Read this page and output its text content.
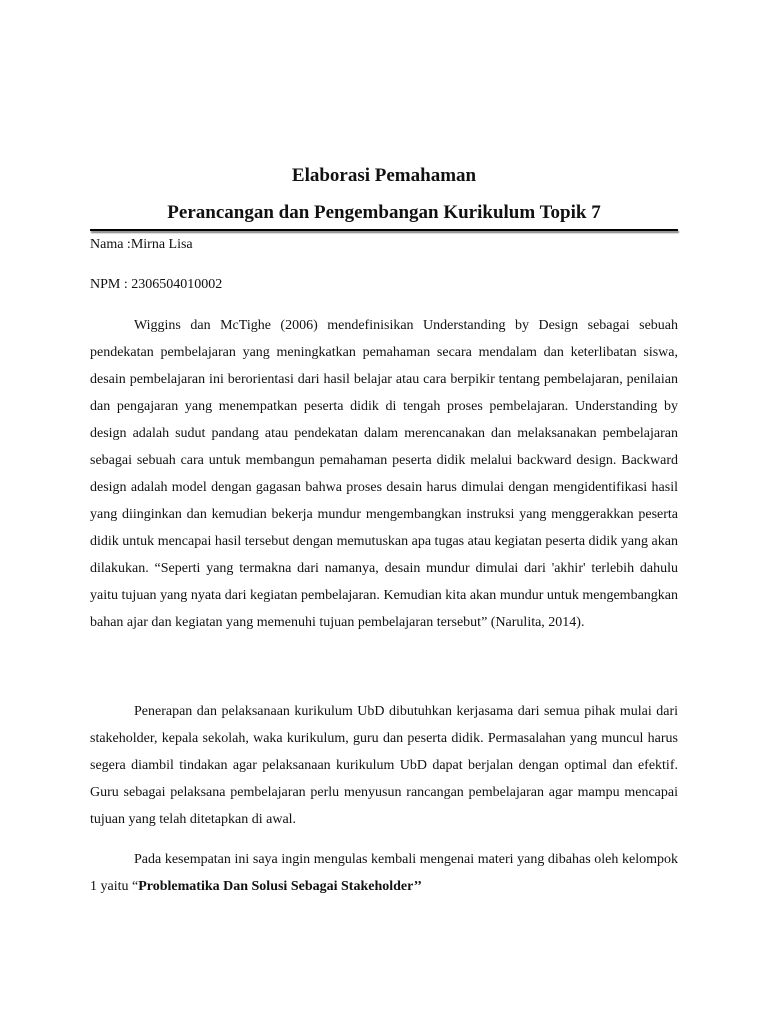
Elaborasi Pemahaman
Perancangan dan Pengembangan Kurikulum Topik 7

Nama :Mirna Lisa

NPM : 2306504010002

Wiggins dan McTighe (2006) mendefinisikan Understanding by Design sebagai sebuah pendekatan pembelajaran yang meningkatkan pemahaman secara mendalam dan keterlibatan siswa, desain pembelajaran ini berorientasi dari hasil belajar atau cara berpikir tentang pembelajaran, penilaian dan pengajaran yang menempatkan peserta didik di tengah proses pembelajaran. Understanding by design adalah sudut pandang atau pendekatan dalam merencanakan dan melaksanakan pembelajaran sebagai sebuah cara untuk membangun pemahaman peserta didik melalui backward design. Backward design adalah model dengan gagasan bahwa proses desain harus dimulai dengan mengidentifikasi hasil yang diinginkan dan kemudian bekerja mundur mengembangkan instruksi yang menggerakkan peserta didik untuk mencapai hasil tersebut dengan memutuskan apa tugas atau kegiatan peserta didik yang akan dilakukan. “Seperti yang termakna dari namanya, desain mundur dimulai dari 'akhir' terlebih dahulu yaitu tujuan yang nyata dari kegiatan pembelajaran. Kemudian kita akan mundur untuk mengembangkan bahan ajar dan kegiatan yang memenuhi tujuan pembelajaran tersebut” (Narulita, 2014).

Penerapan dan pelaksanaan kurikulum UbD dibutuhkan kerjasama dari semua pihak mulai dari stakeholder, kepala sekolah, waka kurikulum, guru dan peserta didik. Permasalahan yang muncul harus segera diambil tindakan agar pelaksanaan kurikulum UbD dapat berjalan dengan optimal dan efektif. Guru sebagai pelaksana pembelajaran perlu menyusun rancangan pembelajaran agar mampu mencapai tujuan yang telah ditetapkan di awal.

Pada kesempatan ini saya ingin mengulas kembali mengenai materi yang dibahas oleh kelompok 1 yaitu “Problematika Dan Solusi Sebagai Stakeholder’’
